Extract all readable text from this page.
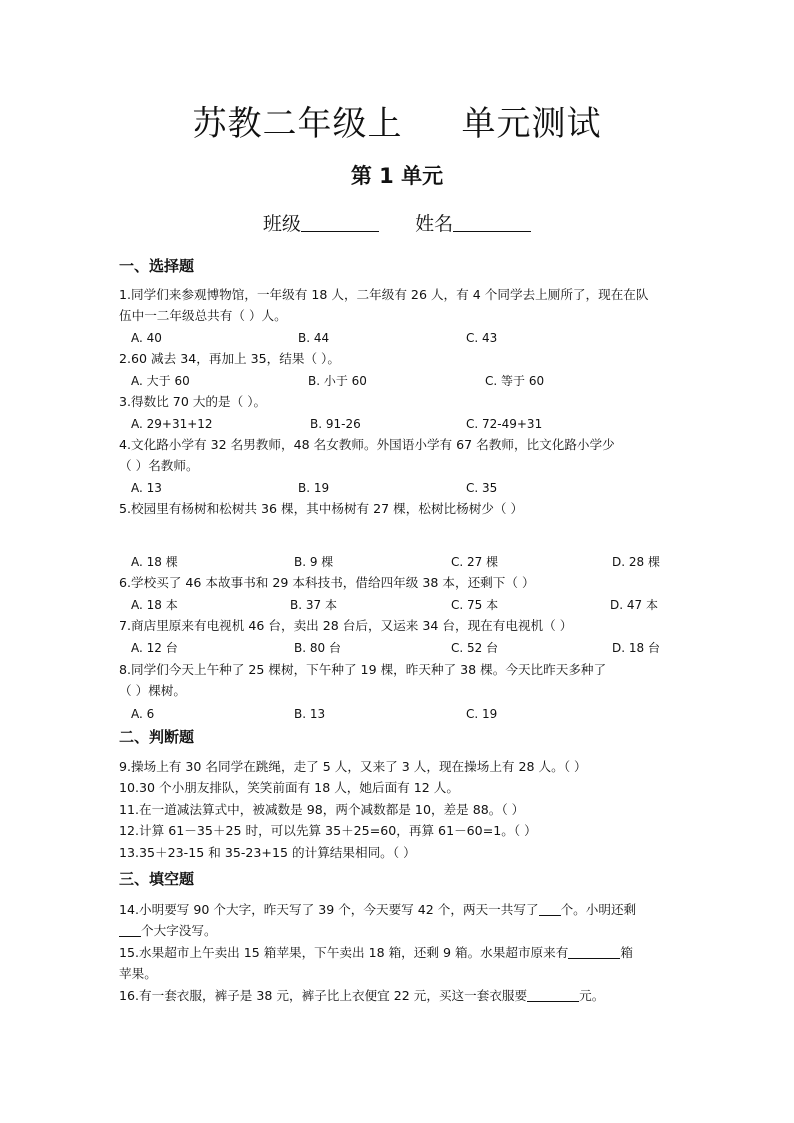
苏教二年级上     单元测试
第 1 单元
班级	姓名
一、选择题
1.同学们来参观博物馆，一年级有 18 人，二年级有 26 人，有 4 个同学去上厕所了，现在在队
伍中一二年级总共有（ ）人。
A. 40	B. 44	C. 43
2.60 减去 34，再加上 35，结果（ ）。
A. 大于 60	B. 小于 60	C. 等于 60
3.得数比 70 大的是（ ）。
A. 29+31+12	B. 91-26	C. 72-49+31
4.文化路小学有 32 名男教师，48 名女教师。外国语小学有 67 名教师，比文化路小学少
（ ）名教师。
A. 13	B. 19	C. 35
5.校园里有杨树和松树共 36 棵，其中杨树有 27 棵，松树比杨树少（ ）
A. 18 棵	B. 9 棵	C. 27 棵	D. 28 棵
6.学校买了 46 本故事书和 29 本科技书，借给四年级 38 本，还剩下（ ）
A. 18 本	B. 37 本	C. 75 本	D. 47 本
7.商店里原来有电视机 46 台，卖出 28 台后，又运来 34 台，现在有电视机（ ）
A. 12 台	B. 80 台	C. 52 台	D. 18 台
8.同学们今天上午种了 25 棵树，下午种了 19 棵，昨天种了 38 棵。今天比昨天多种了
（ ）棵树。
A. 6	B. 13	C. 19
二、判断题
9.操场上有 30 名同学在跳绳，走了 5 人，又来了 3 人，现在操场上有 28 人。（ ）
10.30 个小朋友排队，笑笑前面有 18 人，她后面有 12 人。
11.在一道减法算式中，被减数是 98，两个减数都是 10，差是 88。（ ）
12.计算 61－35＋25 时，可以先算 35＋25=60，再算 61－60=1。（ ）
13.35＋23-15 和 35-23+15 的计算结果相同。（ ）
三、填空题
14.小明要写 90 个大字，昨天写了 39 个，今天要写 42 个，两天一共写了 个。小明还剩
个大字没写。
15.水果超市上午卖出 15 箱苹果，下午卖出 18 箱，还剩 9 箱。水果超市原来有	箱
苹果。
16.有一套衣服，裤子是 38 元，裤子比上衣便宜 22 元，买这一套衣服要	元。
